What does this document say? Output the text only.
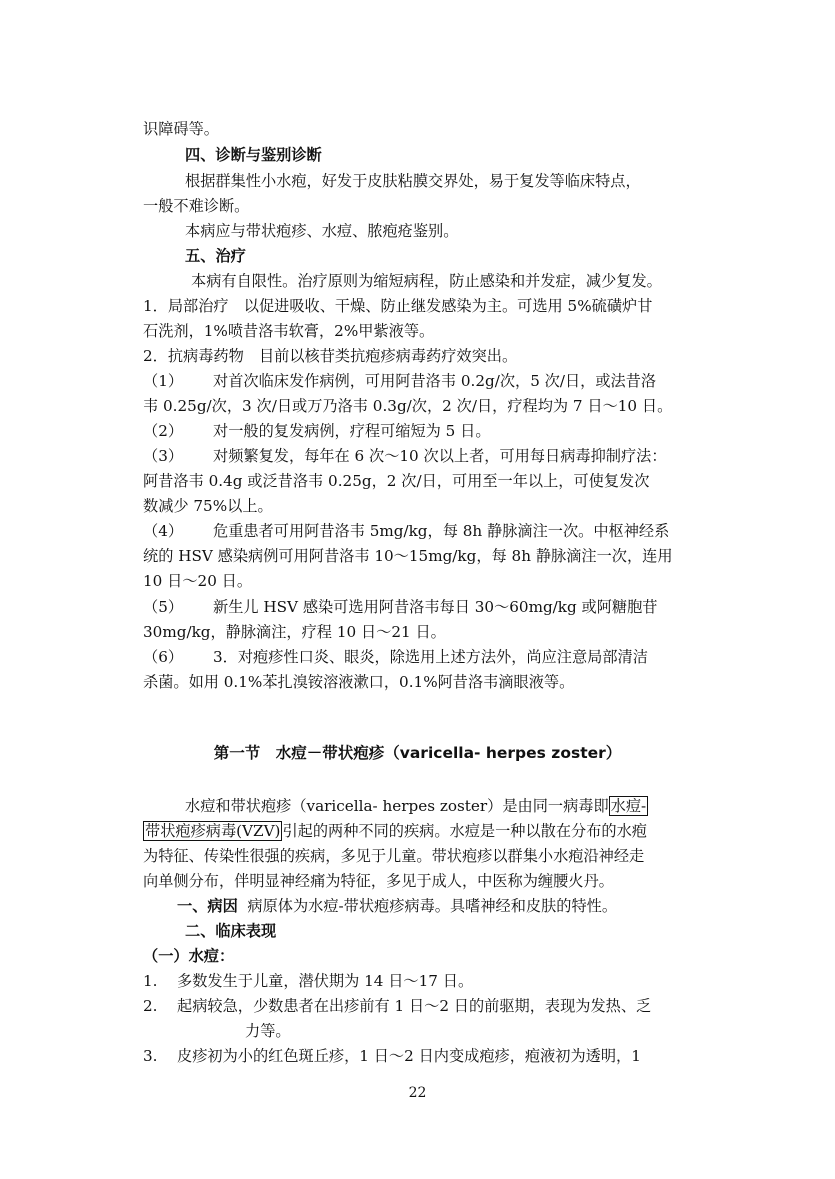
识障碍等。
四、诊断与鉴别诊断
根据群集性小水疱，好发于皮肤粘膜交界处，易于复发等临床特点，
一般不难诊断。
本病应与带状疱疹、水痘、脓疱疮鉴别。
五、治疗
本病有自限性。治疗原则为缩短病程，防止感染和并发症，减少复发。
1．局部治疗　以促进吸收、干燥、防止继发感染为主。可选用 5%硫磺炉甘
石洗剂，1%喷昔洛韦软膏，2%甲紫液等。
2．抗病毒药物　目前以核苷类抗疱疹病毒药疗效突出。
（1） 对首次临床发作病例，可用阿昔洛韦 0.2g/次，5 次/日，或法昔洛
韦 0.25g/次，3 次/日或万乃洛韦 0.3g/次，2 次/日，疗程均为 7 日～10 日。
（2） 对一般的复发病例，疗程可缩短为 5 日。
（3） 对频繁复发，每年在 6 次～10 次以上者，可用每日病毒抑制疗法：
阿昔洛韦 0.4g 或泛昔洛韦 0.25g，2 次/日，可用至一年以上，可使复发次
数减少 75%以上。
（4） 危重患者可用阿昔洛韦 5mg/kg，每 8h 静脉滴注一次。中枢神经系
统的 HSV 感染病例可用阿昔洛韦 10～15mg/kg，每 8h 静脉滴注一次，连用
10 日～20 日。
（5） 新生儿 HSV 感染可选用阿昔洛韦每日 30～60mg/kg 或阿糖胞苷
30mg/kg，静脉滴注，疗程 10 日～21 日。
（6） 3．对疱疹性口炎、眼炎，除选用上述方法外，尚应注意局部清洁
杀菌。如用 0.1%苯扎溴铵溶液漱口，0.1%阿昔洛韦滴眼液等。
第一节　水痘－带状疱疹（varicella- herpes zoster）
水痘和带状疱疹（varicella- herpes zoster）是由同一病毒即 水痘-
带状疱疹病毒(VZV) 引起的两种不同的疾病。水痘是一种以散在分布的水疱
为特征、传染性很强的疾病，多见于儿童。带状疱疹以群集小水疱沿神经走
向单侧分布，伴明显神经痛为特征，多见于成人，中医称为缠腰火丹。
一、病因 病原体为水痘-带状疱疹病毒。具嗜神经和皮肤的特性。
二、临床表现
（一）水痘：
1. 多数发生于儿童，潜伏期为 14 日～17 日。
2. 起病较急，少数患者在出疹前有 1 日～2 日的前驱期，表现为发热、乏
力等。
3. 皮疹初为小的红色斑丘疹，1 日～2 日内变成疱疹，疱液初为透明，1
22
